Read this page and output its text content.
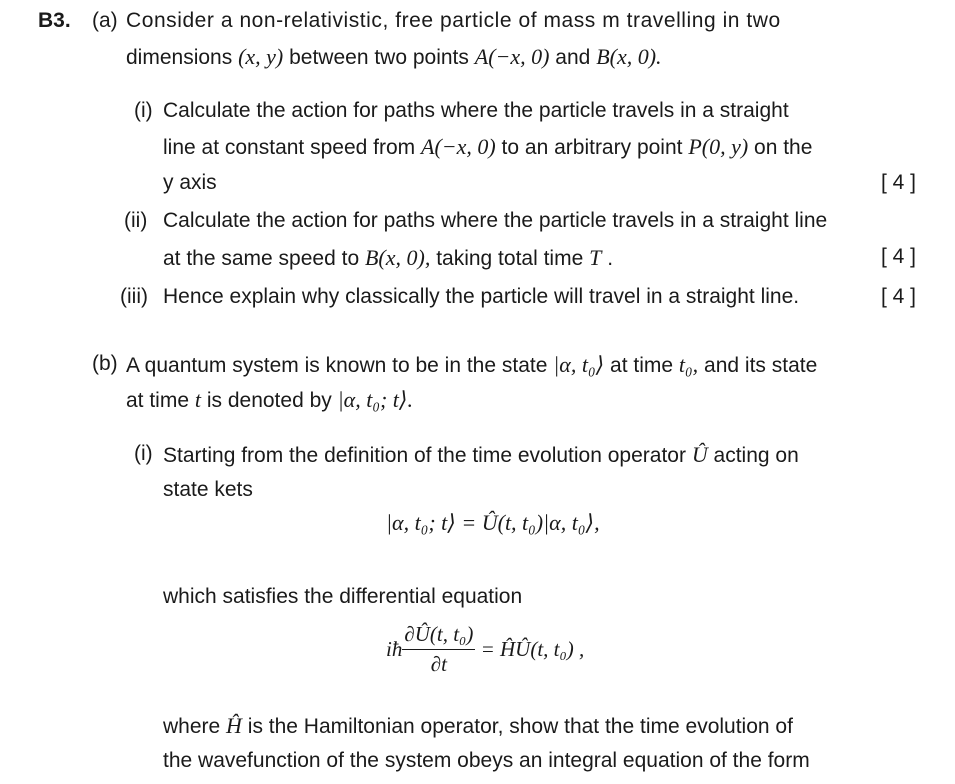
B3. (a) Consider a non-relativistic, free particle of mass m travelling in two
dimensions (x, y) between two points A(−x, 0) and B(x, 0).
(i) Calculate the action for paths where the particle travels in a straight
line at constant speed from A(−x, 0) to an arbitrary point P(0, y) on the
y axis	[ 4 ]
(ii) Calculate the action for paths where the particle travels in a straight line
at the same speed to B(x, 0), taking total time T .	[ 4 ]
(iii) Hence explain why classically the particle will travel in a straight line.	[ 4 ]
(b) A quantum system is known to be in the state |α, t₀⟩ at time t₀, and its state
at time t is denoted by |α, t₀; t⟩.
(i) Starting from the definition of the time evolution operator Û acting on
state kets
|α, t₀; t⟩ = Û(t, t₀)|α, t₀⟩,
which satisfies the differential equation
iħ $\frac{\text{∂Û(t, t₀)}}{\partial t}$ = ĤÛ(t, t₀) ,
where Ĥ is the Hamiltonian operator, show that the time evolution of
the wavefunction of the system obeys an integral equation of the form
